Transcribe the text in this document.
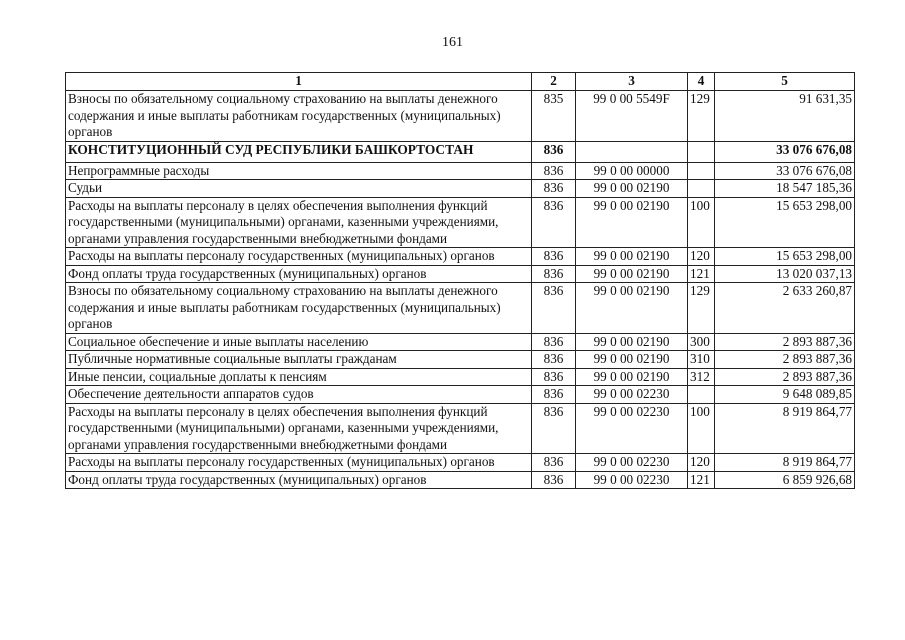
161
1	2	3	4	5
Взносы по обязательному социальному страхованию на выплаты денежного содержания и иные выплаты работникам государственных (муниципальных) органов	835	99 0 00 5549F	129	91 631,35
КОНСТИТУЦИОННЫЙ СУД РЕСПУБЛИКИ БАШКОРТОСТАН	836			33 076 676,08
Непрограммные расходы	836	99 0 00 00000		33 076 676,08
Судьи	836	99 0 00 02190		18 547 185,36
Расходы на выплаты персоналу в целях обеспечения выполнения функций государственными (муниципальными) органами, казенными учреждениями, органами управления государственными внебюджетными фондами	836	99 0 00 02190	100	15 653 298,00
Расходы на выплаты персоналу государственных (муниципальных) органов	836	99 0 00 02190	120	15 653 298,00
Фонд оплаты труда государственных (муниципальных) органов	836	99 0 00 02190	121	13 020 037,13
Взносы по обязательному социальному страхованию на выплаты денежного содержания и иные выплаты работникам государственных (муниципальных) органов	836	99 0 00 02190	129	2 633 260,87
Социальное обеспечение и иные выплаты населению	836	99 0 00 02190	300	2 893 887,36
Публичные нормативные социальные выплаты гражданам	836	99 0 00 02190	310	2 893 887,36
Иные пенсии, социальные доплаты к пенсиям	836	99 0 00 02190	312	2 893 887,36
Обеспечение деятельности аппаратов судов	836	99 0 00 02230		9 648 089,85
Расходы на выплаты персоналу в целях обеспечения выполнения функций государственными (муниципальными) органами, казенными учреждениями, органами управления государственными внебюджетными фондами	836	99 0 00 02230	100	8 919 864,77
Расходы на выплаты персоналу государственных (муниципальных) органов	836	99 0 00 02230	120	8 919 864,77
Фонд оплаты труда государственных (муниципальных) органов	836	99 0 00 02230	121	6 859 926,68
